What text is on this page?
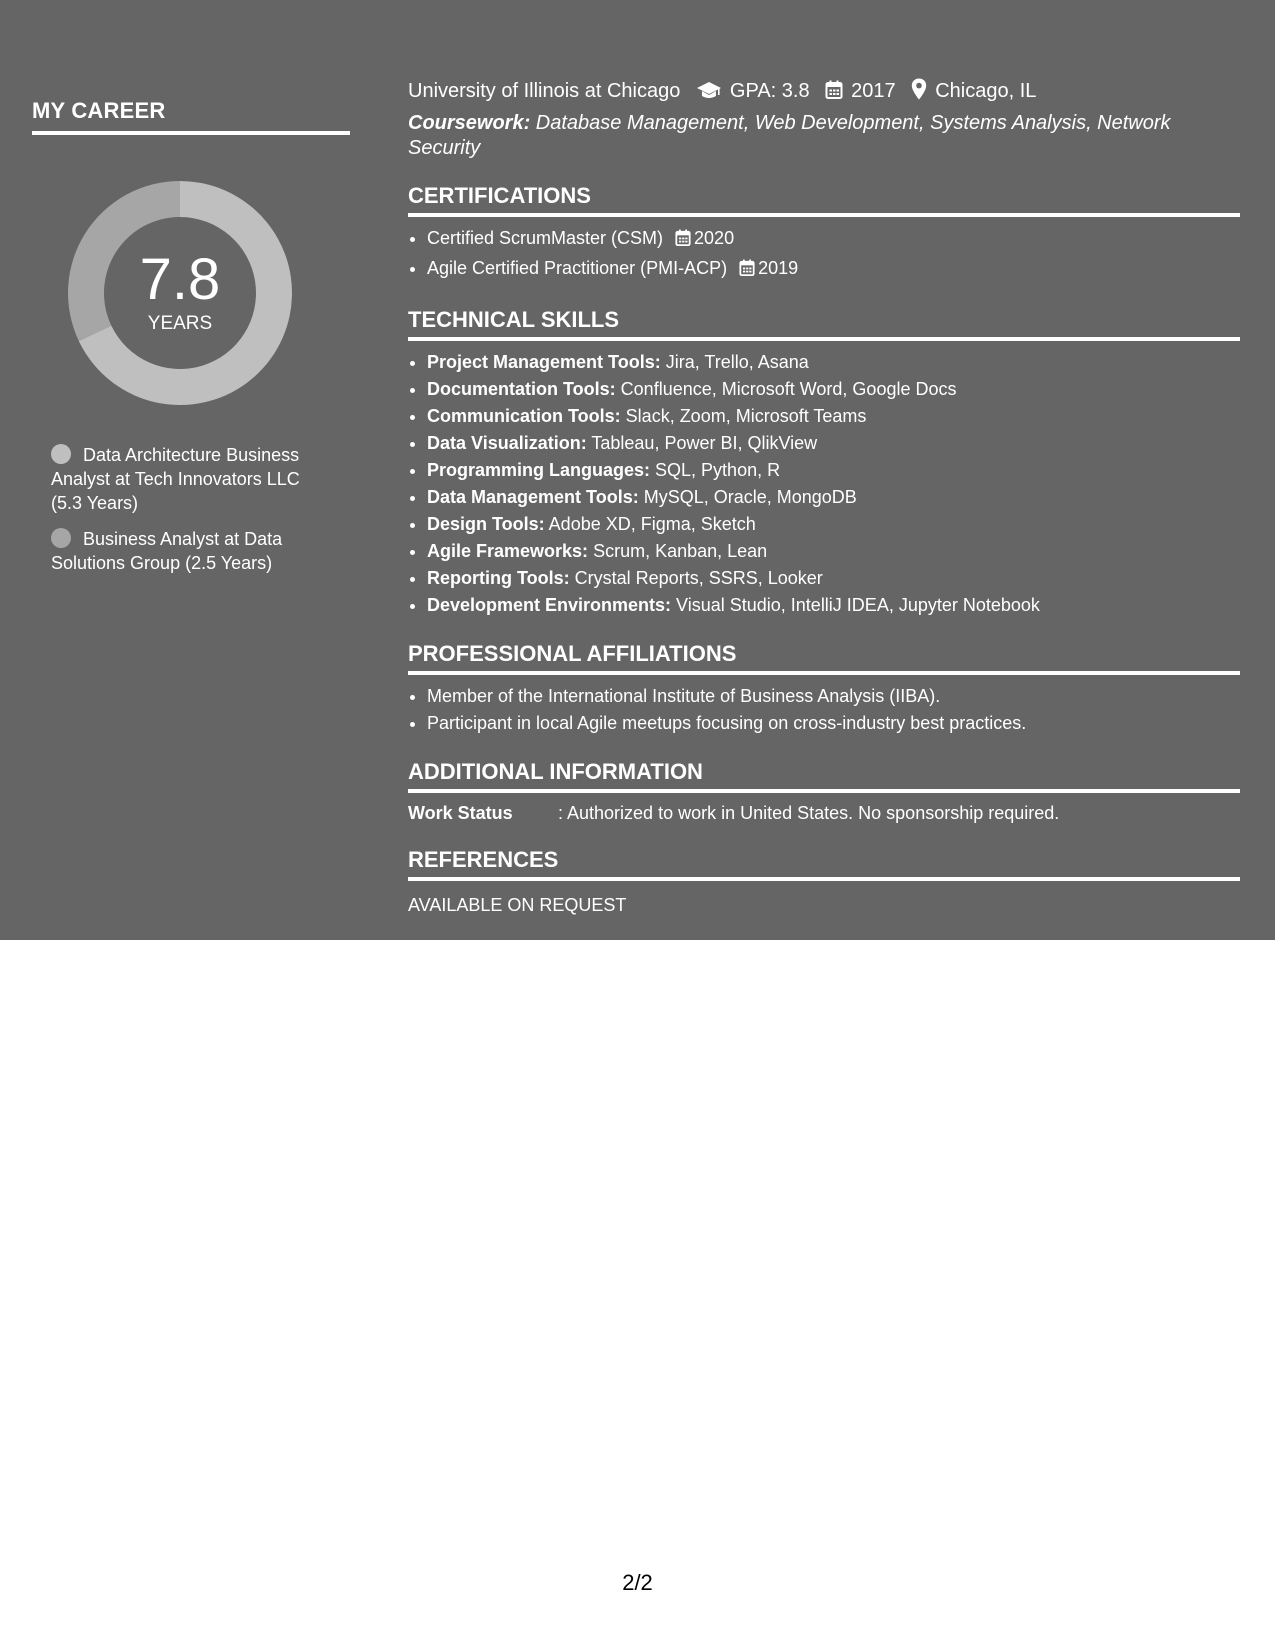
MY CAREER
7.8
YEARS
Data Architecture Business Analyst at Tech Innovators LLC (5.3 Years)
Business Analyst at Data Solutions Group (2.5 Years)
University of Illinois at Chicago GPA: 3.8 2017 Chicago, IL
Coursework: Database Management, Web Development, Systems Analysis, Network Security
CERTIFICATIONS
• Certified ScrumMaster (CSM) 2020
• Agile Certified Practitioner (PMI-ACP) 2019
TECHNICAL SKILLS
• Project Management Tools: Jira, Trello, Asana
• Documentation Tools: Confluence, Microsoft Word, Google Docs
• Communication Tools: Slack, Zoom, Microsoft Teams
• Data Visualization: Tableau, Power BI, QlikView
• Programming Languages: SQL, Python, R
• Data Management Tools: MySQL, Oracle, MongoDB
• Design Tools: Adobe XD, Figma, Sketch
• Agile Frameworks: Scrum, Kanban, Lean
• Reporting Tools: Crystal Reports, SSRS, Looker
• Development Environments: Visual Studio, IntelliJ IDEA, Jupyter Notebook
PROFESSIONAL AFFILIATIONS
• Member of the International Institute of Business Analysis (IIBA).
• Participant in local Agile meetups focusing on cross-industry best practices.
ADDITIONAL INFORMATION
Work Status	: Authorized to work in United States. No sponsorship required.
REFERENCES
AVAILABLE ON REQUEST
2/2
